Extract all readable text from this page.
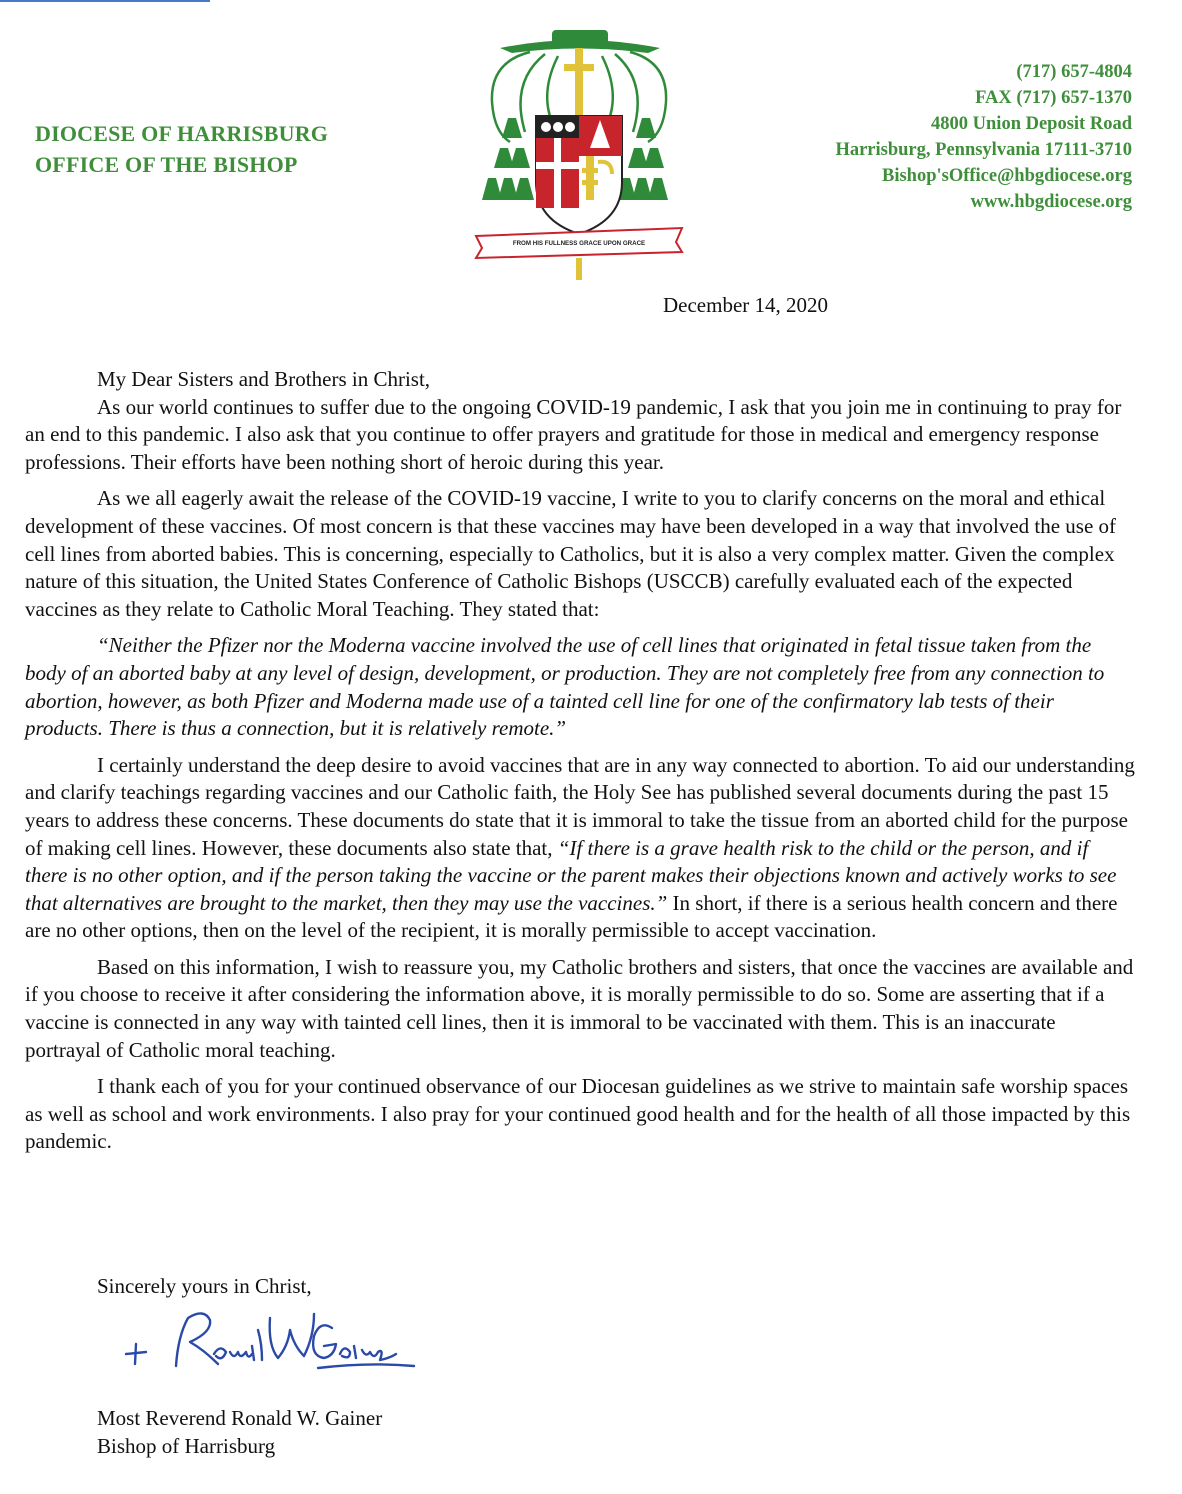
DIOCESE OF HARRISBURG
OFFICE OF THE BISHOP
FROM HIS FULLNESS GRACE UPON GRACE
(717) 657-4804
FAX (717) 657-1370
4800 Union Deposit Road
Harrisburg, Pennsylvania 17111-3710
Bishop'sOffice@hbgdiocese.org
www.hbgdiocese.org
December 14, 2020

My Dear Sisters and Brothers in Christ,

As our world continues to suffer due to the ongoing COVID-19 pandemic, I ask that you join me in continuing to pray for an end to this pandemic. I also ask that you continue to offer prayers and gratitude for those in medical and emergency response professions. Their efforts have been nothing short of heroic during this year.

As we all eagerly await the release of the COVID-19 vaccine, I write to you to clarify concerns on the moral and ethical development of these vaccines. Of most concern is that these vaccines may have been developed in a way that involved the use of cell lines from aborted babies. This is concerning, especially to Catholics, but it is also a very complex matter. Given the complex nature of this situation, the United States Conference of Catholic Bishops (USCCB) carefully evaluated each of the expected vaccines as they relate to Catholic Moral Teaching. They stated that:

“Neither the Pfizer nor the Moderna vaccine involved the use of cell lines that originated in fetal tissue taken from the body of an aborted baby at any level of design, development, or production. They are not completely free from any connection to abortion, however, as both Pfizer and Moderna made use of a tainted cell line for one of the confirmatory lab tests of their products. There is thus a connection, but it is relatively remote.”

I certainly understand the deep desire to avoid vaccines that are in any way connected to abortion. To aid our understanding and clarify teachings regarding vaccines and our Catholic faith, the Holy See has published several documents during the past 15 years to address these concerns. These documents do state that it is immoral to take the tissue from an aborted child for the purpose of making cell lines. However, these documents also state that, “If there is a grave health risk to the child or the person, and if there is no other option, and if the person taking the vaccine or the parent makes their objections known and actively works to see that alternatives are brought to the market, then they may use the vaccines.” In short, if there is a serious health concern and there are no other options, then on the level of the recipient, it is morally permissible to accept vaccination.

Based on this information, I wish to reassure you, my Catholic brothers and sisters, that once the vaccines are available and if you choose to receive it after considering the information above, it is morally permissible to do so. Some are asserting that if a vaccine is connected in any way with tainted cell lines, then it is immoral to be vaccinated with them. This is an inaccurate portrayal of Catholic moral teaching.

I thank each of you for your continued observance of our Diocesan guidelines as we strive to maintain safe worship spaces as well as school and work environments. I also pray for your continued good health and for the health of all those impacted by this pandemic.

Sincerely yours in Christ,
Most Reverend Ronald W. Gainer
Bishop of Harrisburg
